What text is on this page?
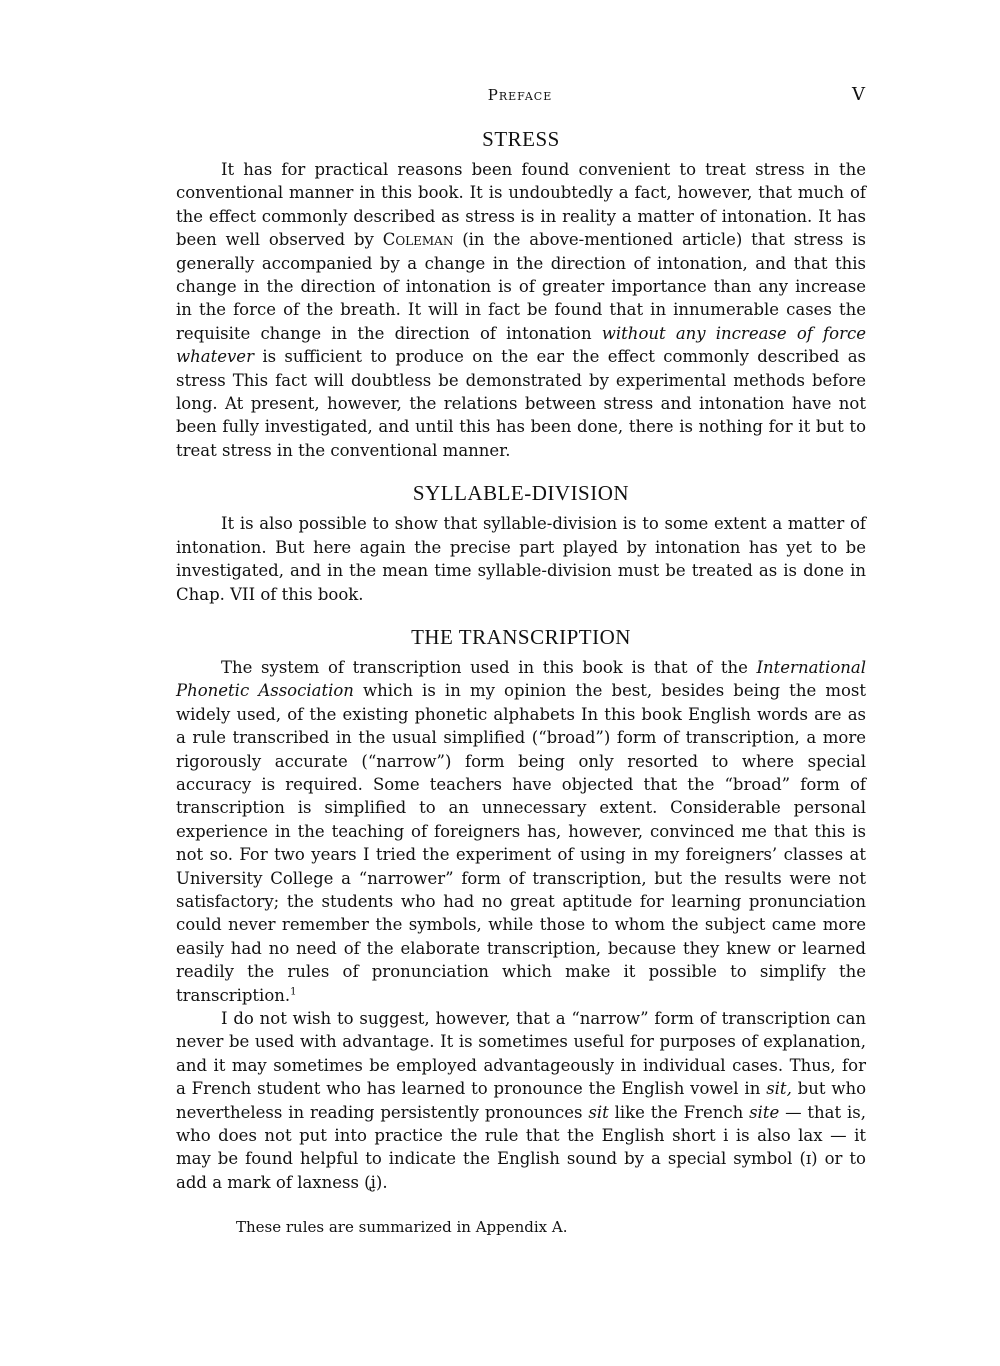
Preface	V
STRESS

It has for practical reasons been found convenient to treat stress in the conventional manner in this book. It is undoubtedly a fact, however, that much of the effect commonly described as stress is in reality a matter of intonation. It has been well observed by Coleman (in the above-mentioned article) that stress is generally accompanied by a change in the direction of intonation, and that this change in the direction of intonation is of greater importance than any increase in the force of the breath. It will in fact be found that in innumerable cases the requisite change in the direction of intonation without any increase of force whatever is sufficient to produce on the ear the effect commonly described as stress This fact will doubtless be demonstrated by experimental methods before long. At present, however, the relations between stress and intonation have not been fully investigated, and until this has been done, there is nothing for it but to treat stress in the conventional manner.

SYLLABLE-DIVISION

It is also possible to show that syllable-division is to some extent a matter of intonation. But here again the precise part played by intonation has yet to be investigated, and in the mean time syllable-division must be treated as is done in Chap. VII of this book.

THE TRANSCRIPTION

The system of transcription used in this book is that of the International Phonetic Association which is in my opinion the best, besides being the most widely used, of the existing phonetic alphabets In this book English words are as a rule transcribed in the usual simplified (“broad”) form of transcription, a more rigorously accurate (“narrow”) form being only resorted to where special accuracy is required. Some teachers have objected that the “broad” form of transcription is simplified to an unnecessary extent. Considerable personal experience in the teaching of foreigners has, however, convinced me that this is not so. For two years I tried the experiment of using in my foreigners’ classes at University College a “narrower” form of transcription, but the results were not satisfactory; the students who had no great aptitude for learning pronunciation could never remember the symbols, while those to whom the subject came more easily had no need of the elaborate transcription, because they knew or learned readily the rules of pronunciation which make it possible to simplify the transcription.$^1$

I do not wish to suggest, however, that a “narrow” form of transcription can never be used with advantage. It is sometimes useful for purposes of explanation, and it may sometimes be employed advantageously in individual cases. Thus, for a French student who has learned to pronounce the English vowel in sit, but who nevertheless in reading persistently pronounces sit like the French site — that is, who does not put into practice the rule that the English short i is also lax — it may be found helpful to indicate the English sound by a special symbol (ɪ) or to add a mark of laxness (i̢).

These rules are summarized in Appendix A.
